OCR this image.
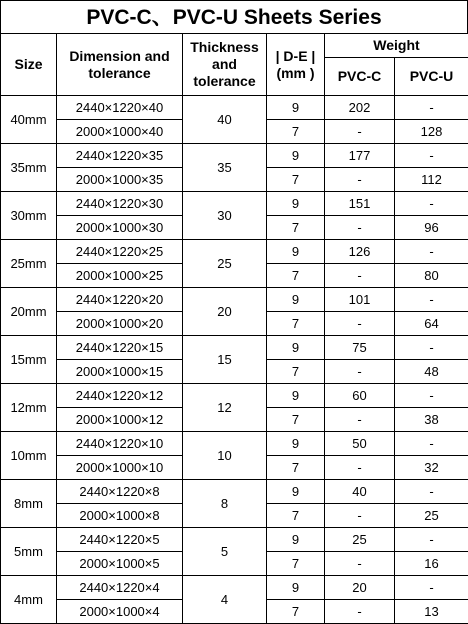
PVC-C、PVC-U Sheets Series
Size	Dimension and tolerance	Thickness and tolerance	| D-E | (mm )	Weight	
				PVC-C	PVC-U
40mm	2440×1220×40	40	9	202	-
	2000×1000×40		7	-	128
35mm	2440×1220×35	35	9	177	-
	2000×1000×35		7	-	112
30mm	2440×1220×30	30	9	151	-
	2000×1000×30		7	-	96
25mm	2440×1220×25	25	9	126	-
	2000×1000×25		7	-	80
20mm	2440×1220×20	20	9	101	-
	2000×1000×20		7	-	64
15mm	2440×1220×15	15	9	75	-
	2000×1000×15		7	-	48
12mm	2440×1220×12	12	9	60	-
	2000×1000×12		7	-	38
10mm	2440×1220×10	10	9	50	-
	2000×1000×10		7	-	32
8mm	2440×1220×8	8	9	40	-
	2000×1000×8		7	-	25
5mm	2440×1220×5	5	9	25	-
	2000×1000×5		7	-	16
4mm	2440×1220×4	4	9	20	-
	2000×1000×4		7	-	13
